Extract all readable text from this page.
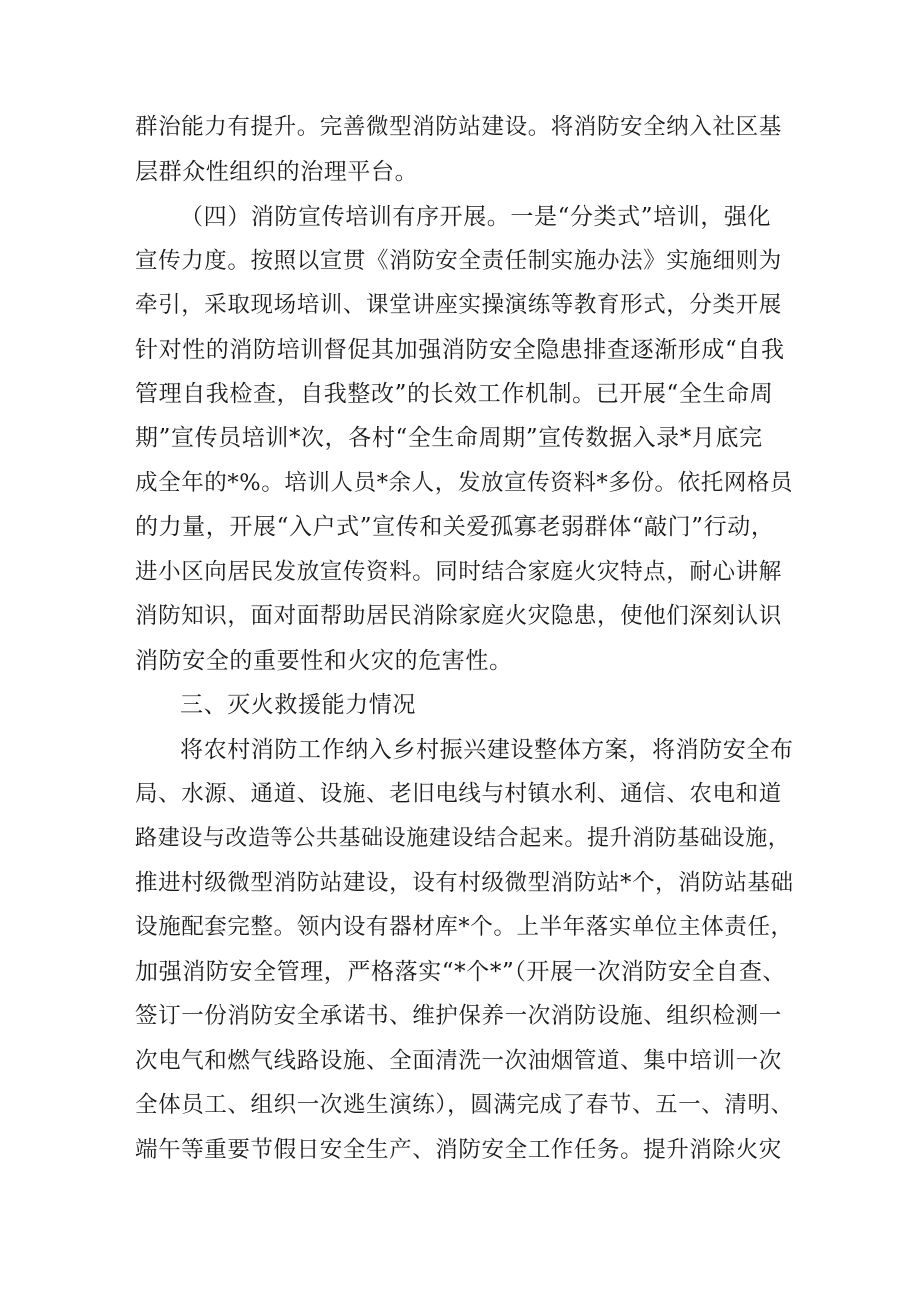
群治能力有提升。完善微型消防站建设。将消防安全纳入社区基
层群众性组织的治理平台。
（四）消防宣传培训有序开展。一是“分类式”培训，强化
宣传力度。按照以宣贯《消防安全责任制实施办法》实施细则为
牵引，采取现场培训、课堂讲座实操演练等教育形式，分类开展
针对性的消防培训督促其加强消防安全隐患排查逐渐形成“自我
管理自我检查，自我整改”的长效工作机制。已开展“全生命周
期”宣传员培训*次，各村“全生命周期”宣传数据入录*月底完
成全年的*%。培训人员*余人，发放宣传资料*多份。依托网格员
的力量，开展“入户式”宣传和关爱孤寡老弱群体“敲门”行动，
进小区向居民发放宣传资料。同时结合家庭火灾特点，耐心讲解
消防知识，面对面帮助居民消除家庭火灾隐患，使他们深刻认识
消防安全的重要性和火灾的危害性。
三、灭火救援能力情况
将农村消防工作纳入乡村振兴建设整体方案，将消防安全布
局、水源、通道、设施、老旧电线与村镇水利、通信、农电和道
路建设与改造等公共基础设施建设结合起来。提升消防基础设施，
推进村级微型消防站建设，设有村级微型消防站*个，消防站基础
设施配套完整。领内设有器材库*个。上半年落实单位主体责任，
加强消防安全管理，严格落实“*个*”（开展一次消防安全自查、
签订一份消防安全承诺书、维护保养一次消防设施、组织检测一
次电气和燃气线路设施、全面清洗一次油烟管道、集中培训一次
全体员工、组织一次逃生演练），圆满完成了春节、五一、清明、
端午等重要节假日安全生产、消防安全工作任务。提升消除火灾
